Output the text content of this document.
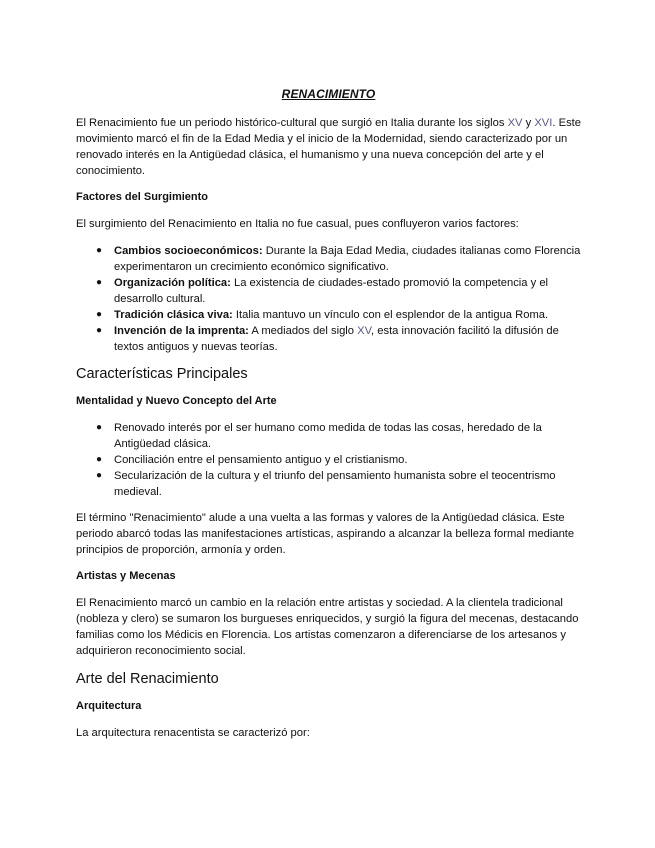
RENACIMIENTO

El Renacimiento fue un periodo histórico-cultural que surgió en Italia durante los siglos XV y XVI. Este movimiento marcó el fin de la Edad Media y el inicio de la Modernidad, siendo caracterizado por un renovado interés en la Antigüedad clásica, el humanismo y una nueva concepción del arte y el conocimiento.

Factores del Surgimiento

El surgimiento del Renacimiento en Italia no fue casual, pues confluyeron varios factores:

● Cambios socioeconómicos: Durante la Baja Edad Media, ciudades italianas como Florencia experimentaron un crecimiento económico significativo.
● Organización política: La existencia de ciudades-estado promovió la competencia y el desarrollo cultural.
● Tradición clásica viva: Italia mantuvo un vínculo con el esplendor de la antigua Roma.
● Invención de la imprenta: A mediados del siglo XV, esta innovación facilitó la difusión de textos antiguos y nuevas teorías.
Características Principales
Mentalidad y Nuevo Concepto del Arte
● Renovado interés por el ser humano como medida de todas las cosas, heredado de la Antigüedad clásica.
● Conciliación entre el pensamiento antiguo y el cristianismo.
● Secularización de la cultura y el triunfo del pensamiento humanista sobre el teocentrismo medieval.

El término "Renacimiento" alude a una vuelta a las formas y valores de la Antigüedad clásica. Este periodo abarcó todas las manifestaciones artísticas, aspirando a alcanzar la belleza formal mediante principios de proporción, armonía y orden.

Artistas y Mecenas

El Renacimiento marcó un cambio en la relación entre artistas y sociedad. A la clientela tradicional (nobleza y clero) se sumaron los burgueses enriquecidos, y surgió la figura del mecenas, destacando familias como los Médicis en Florencia. Los artistas comenzaron a diferenciarse de los artesanos y adquirieron reconocimiento social.

Arte del Renacimiento
Arquitectura

La arquitectura renacentista se caracterizó por:
